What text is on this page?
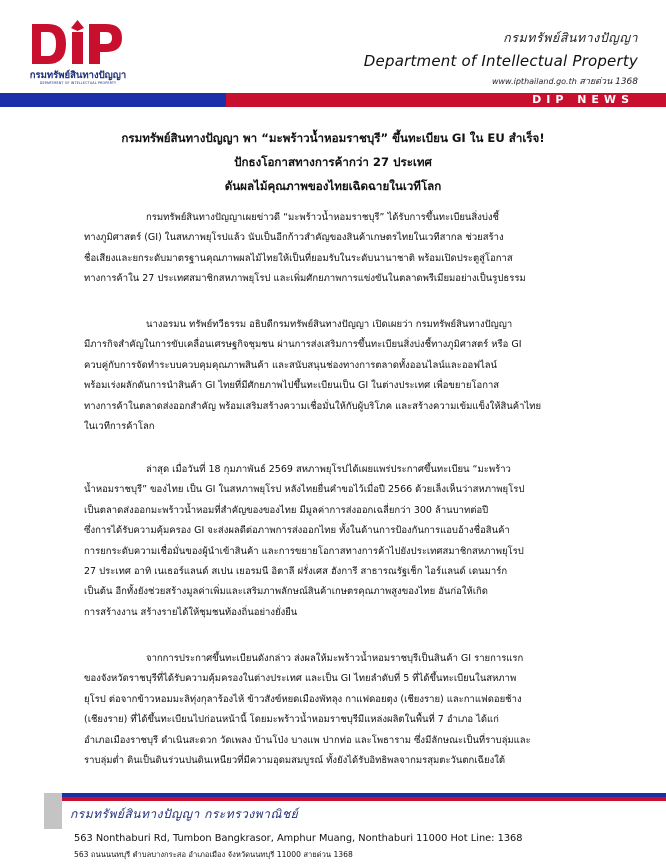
กรมทรัพย์สินทางปัญญา
DEPARTMENT OF INTELLECTUAL PROPERTY
กรมทรัพย์สินทางปัญญา
Department of Intellectual Property
www.ipthailand.go.th สายด่วน 1368
DIP NEWS
กรมทรัพย์สินทางปัญญา พา “มะพร้าวน้ำหอมราชบุรี” ขึ้นทะเบียน GI ใน EU สำเร็จ!
ปักธงโอกาสทางการค้ากว่า 27 ประเทศ
ดันผลไม้คุณภาพของไทยเฉิดฉายในเวทีโลก
กรมทรัพย์สินทางปัญญาเผยข่าวดี “มะพร้าวน้ำหอมราชบุรี” ได้รับการขึ้นทะเบียนสิ่งบ่งชี้
ทางภูมิศาสตร์ (GI) ในสหภาพยุโรปแล้ว นับเป็นอีกก้าวสำคัญของสินค้าเกษตรไทยในเวทีสากล ช่วยสร้าง
ชื่อเสียงและยกระดับมาตรฐานคุณภาพผลไม้ไทยให้เป็นที่ยอมรับในระดับนานาชาติ พร้อมเปิดประตูสู่โอกาส
ทางการค้าใน 27 ประเทศสมาชิกสหภาพยุโรป และเพิ่มศักยภาพการแข่งขันในตลาดพรีเมียมอย่างเป็นรูปธรรม
นางอรมน ทรัพย์ทวีธรรม อธิบดีกรมทรัพย์สินทางปัญญา เปิดเผยว่า กรมทรัพย์สินทางปัญญา
มีภารกิจสำคัญในการขับเคลื่อนเศรษฐกิจชุมชน ผ่านการส่งเสริมการขึ้นทะเบียนสิ่งบ่งชี้ทางภูมิศาสตร์ หรือ GI
ควบคู่กับการจัดทำระบบควบคุมคุณภาพสินค้า และสนับสนุนช่องทางการตลาดทั้งออนไลน์และออฟไลน์
พร้อมเร่งผลักดันการนำสินค้า GI ไทยที่มีศักยภาพไปขึ้นทะเบียนเป็น GI ในต่างประเทศ เพื่อขยายโอกาส
ทางการค้าในตลาดส่งออกสำคัญ พร้อมเสริมสร้างความเชื่อมั่นให้กับผู้บริโภค และสร้างความเข้มแข็งให้สินค้าไทย
ในเวทีการค้าโลก
ล่าสุด เมื่อวันที่ 18 กุมภาพันธ์ 2569 สหภาพยุโรปได้เผยแพร่ประกาศขึ้นทะเบียน “มะพร้าว
น้ำหอมราชบุรี” ของไทย เป็น GI ในสหภาพยุโรป หลังไทยยื่นคำขอไว้เมื่อปี 2566 ด้วยเล็งเห็นว่าสหภาพยุโรป
เป็นตลาดส่งออกมะพร้าวน้ำหอมที่สำคัญของของไทย มีมูลค่าการส่งออกเฉลี่ยกว่า 300 ล้านบาทต่อปี
ซึ่งการได้รับความคุ้มครอง GI จะส่งผลดีต่อภาพการส่งออกไทย ทั้งในด้านการป้องกันการแอบอ้างชื่อสินค้า
การยกระดับความเชื่อมั่นของผู้นำเข้าสินค้า และการขยายโอกาสทางการค้าไปยังประเทศสมาชิกสหภาพยุโรป
27 ประเทศ อาทิ เนเธอร์แลนด์ สเปน เยอรมนี อิตาลี ฝรั่งเศส ฮังการี สาธารณรัฐเช็ก ไอร์แลนด์ เดนมาร์ก
เป็นต้น อีกทั้งยังช่วยสร้างมูลค่าเพิ่มและเสริมภาพลักษณ์สินค้าเกษตรคุณภาพสูงของไทย อันก่อให้เกิด
การสร้างงาน สร้างรายได้ให้ชุมชนท้องถิ่นอย่างยั่งยืน
จากการประกาศขึ้นทะเบียนดังกล่าว ส่งผลให้มะพร้าวน้ำหอมราชบุรีเป็นสินค้า GI รายการแรก
ของจังหวัดราชบุรีที่ได้รับความคุ้มครองในต่างประเทศ และเป็น GI ไทยลำดับที่ 5 ที่ได้ขึ้นทะเบียนในสหภาพ
ยุโรป ต่อจากข้าวหอมมะลิทุ่งกุลาร้องไห้ ข้าวสังข์หยดเมืองพัทลุง กาแฟดอยตุง (เชียงราย) และกาแฟดอยช้าง
(เชียงราย) ที่ได้ขึ้นทะเบียนไปก่อนหน้านี้ โดยมะพร้าวน้ำหอมราชบุรีมีแหล่งผลิตในพื้นที่ 7 อำเภอ ได้แก่
อำเภอเมืองราชบุรี ดำเนินสะดวก วัดเพลง บ้านโป่ง บางแพ ปากท่อ และโพธาราม ซึ่งมีลักษณะเป็นที่ราบลุ่มและ
ราบลุ่มต่ำ ดินเป็นดินร่วนปนดินเหนียวที่มีความอุดมสมบูรณ์ ทั้งยังได้รับอิทธิพลจากมรสุมตะวันตกเฉียงใต้
กรมทรัพย์สินทางปัญญา กระทรวงพาณิชย์
563 Nonthaburi Rd, Tumbon Bangkrasor, Amphur Muang, Nonthaburi 11000 Hot Line: 1368
563 ถนนนนทบุรี ตำบลบางกระสอ อำเภอเมือง จังหวัดนนทบุรี 11000 สายด่วน 1368
